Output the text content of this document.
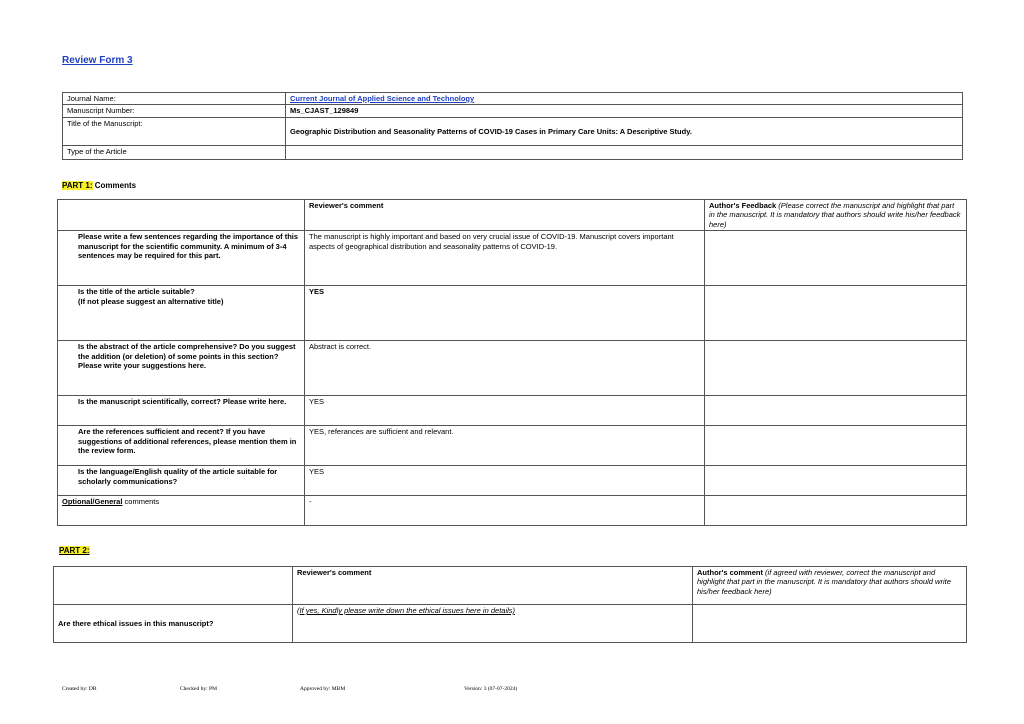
Review Form 3
Journal Name:	Current Journal of Applied Science and Technology
Manuscript Number:	Ms_CJAST_129849
Title of the Manuscript:	Geographic Distribution and Seasonality Patterns of COVID-19 Cases in Primary Care Units: A Descriptive Study.
Type of the Article	
PART 1: Comments
	Reviewer's comment	Author's Feedback (Please correct the manuscript and highlight that part in the manuscript. It is mandatory that authors should write his/her feedback here)
Please write a few sentences regarding the importance of this manuscript for the scientific community. A minimum of 3-4 sentences may be required for this part.	The manuscript is highly important and based on very crucial issue of COVID-19. Manuscript covers important aspects of geographical distribution and seasonality patterns of COVID-19.	
Is the title of the article suitable?
(If not please suggest an alternative title)	YES	
Is the abstract of the article comprehensive? Do you suggest the addition (or deletion) of some points in this section? Please write your suggestions here.	Abstract is correct.	
Is the manuscript scientifically, correct? Please write here.	YES	
Are the references sufficient and recent? If you have suggestions of additional references, please mention them in the review form.	YES, referances are sufficient and relevant.	
Is the language/English quality of the article suitable for scholarly communications?	YES	
Optional/General comments	-	
PART 2:
	Reviewer's comment	Author's comment (if agreed with reviewer, correct the manuscript and highlight that part in the manuscript. It is mandatory that authors should write his/her feedback here)
Are there ethical issues in this manuscript?	(If yes, Kindly please write down the ethical issues here in details)	
Created by: DR	Checked by: PM	Approved by: MBM	Version: 3 (07-07-2024)
